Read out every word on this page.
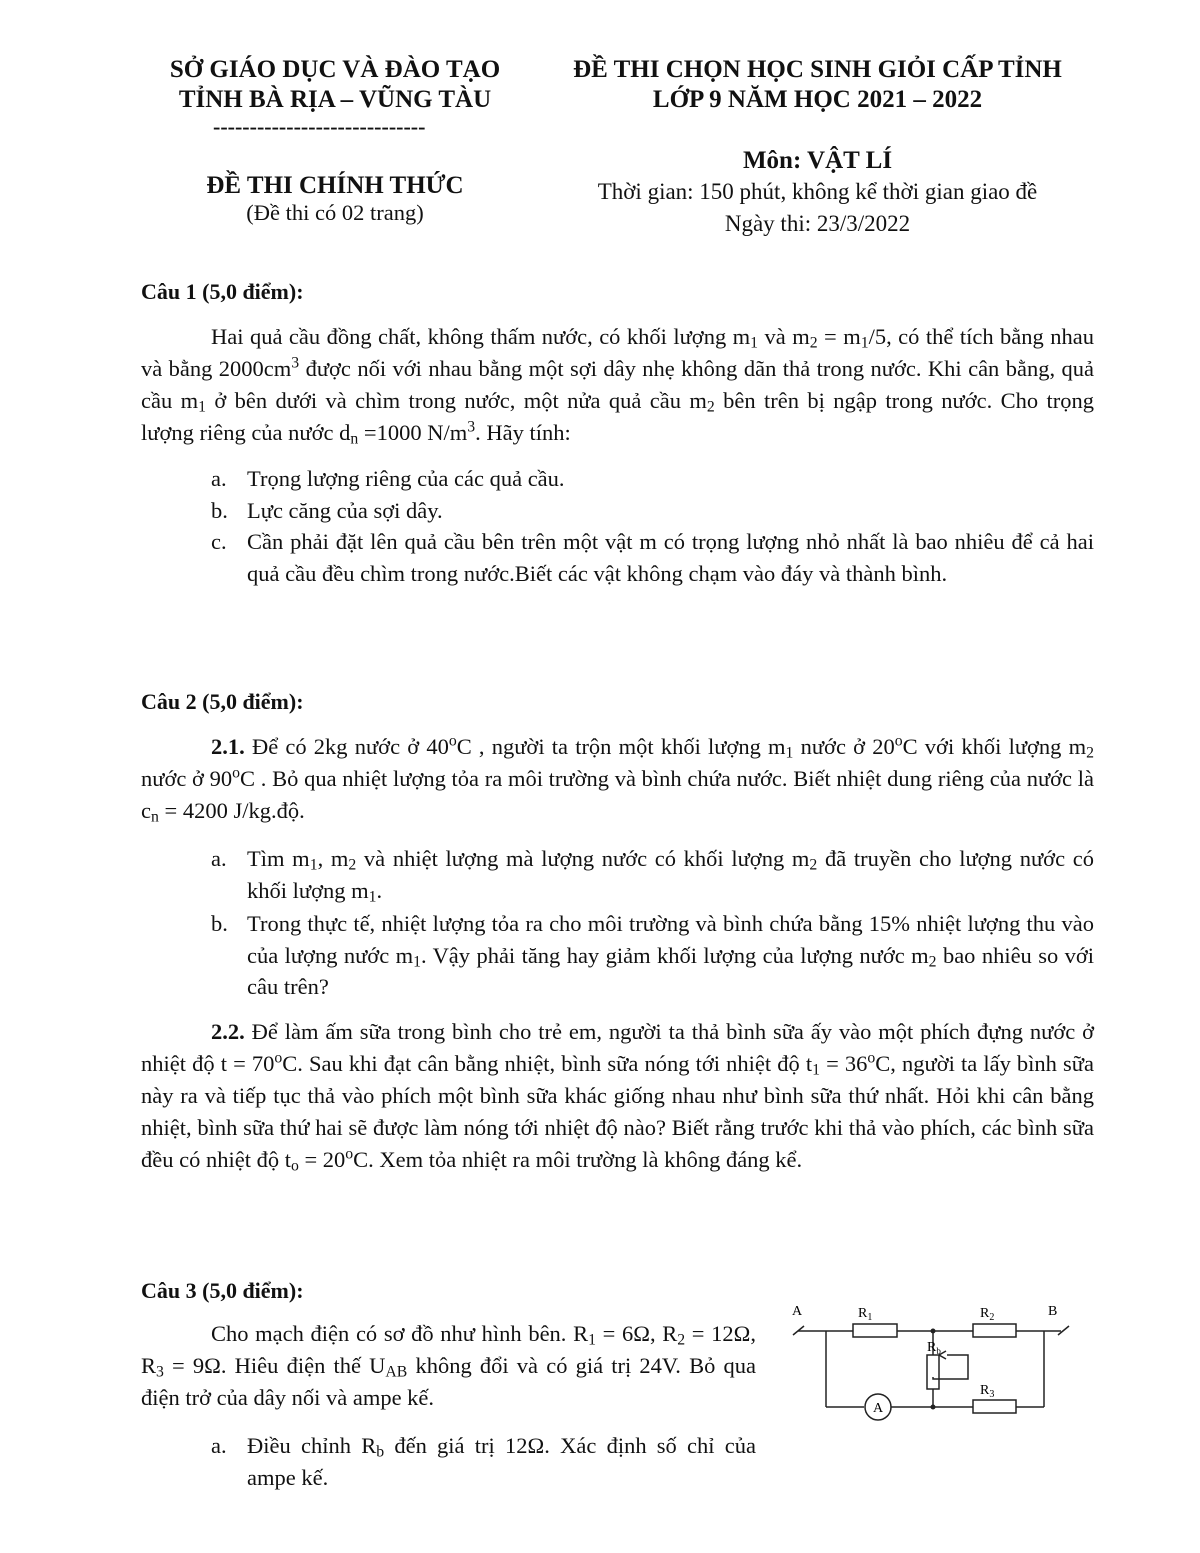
SỞ GIÁO DỤC VÀ ĐÀO TẠO
TỈNH BÀ RỊA – VŨNG TÀU
-----------------------------
ĐỀ THI CHỌN HỌC SINH GIỎI CẤP TỈNH
LỚP 9 NĂM HỌC 2021 – 2022
ĐỀ THI CHÍNH THỨC
(Đề thi có 02 trang)
Môn: VẬT LÍ
Thời gian: 150 phút, không kể thời gian giao đề
Ngày thi: 23/3/2022
Câu 1 (5,0 điểm):

Hai quả cầu đồng chất, không thấm nước, có khối lượng $m_1$ và $m_2 = m_1/5$, có thể tích bằng nhau và bằng $2000cm^3$ được nối với nhau bằng một sợi dây nhẹ không dãn thả trong nước. Khi cân bằng, quả cầu $m_1$ ở bên dưới và chìm trong nước, một nửa quả cầu $m_2$ bên trên bị ngập trong nước. Cho trọng lượng riêng của nước $d_n =1000$ $N/m^3$. Hãy tính:

a. Trọng lượng riêng của các quả cầu.
b. Lực căng của sợi dây.
c. Cần phải đặt lên quả cầu bên trên một vật m có trọng lượng nhỏ nhất là bao nhiêu để cả hai quả cầu đều chìm trong nước.Biết các vật không chạm vào đáy và thành bình.
Câu 2 (5,0 điểm):

2.1. Để có 2kg nước ở 40$^o$C , người ta trộn một khối lượng $m_1$ nước ở 20$^o$C với khối lượng $m_2$ nước ở 90$^o$C . Bỏ qua nhiệt lượng tỏa ra môi trường và bình chứa nước. Biết nhiệt dung riêng của nước là $c_n = 4200$ J/kg.độ.

a. Tìm $m_1$, $m_2$ và nhiệt lượng mà lượng nước có khối lượng $m_2$ đã truyền cho lượng nước có khối lượng $m_1$.
b. Trong thực tế, nhiệt lượng tỏa ra cho môi trường và bình chứa bằng 15% nhiệt lượng thu vào của lượng nước $m_1$. Vậy phải tăng hay giảm khối lượng của lượng nước $m_2$ bao nhiêu so với câu trên?

2.2. Để làm ấm sữa trong bình cho trẻ em, người ta thả bình sữa ấy vào một phích đựng nước ở nhiệt độ $t = 70^oC$. Sau khi đạt cân bằng nhiệt, bình sữa nóng tới nhiệt độ $t_1 = 36^oC$, người ta lấy bình sữa này ra và tiếp tục thả vào phích một bình sữa khác giống nhau như bình sữa thứ nhất. Hỏi khi cân bằng nhiệt, bình sữa thứ hai sẽ được làm nóng tới nhiệt độ nào? Biết rằng trước khi thả vào phích, các bình sữa đều có nhiệt độ $t_o = 20^oC$. Xem tỏa nhiệt ra môi trường là không đáng kể.

Câu 3 (5,0 điểm):

Cho mạch điện có sơ đồ như hình bên. $R_1 = 6\Omega$, $R_2 = 12\Omega$, $R_3 = 9\Omega$. Hiêu điện thế $U_{AB}$ không đổi và có giá trị 24V. Bỏ qua điện trở của dây nối và ampe kế.

a. Điều chỉnh $R_b$ đến giá trị 12Ω. Xác định số chỉ của ampe kế.
A	B
$R_1$	$R_2$
$R_3$
$R_b$
A
